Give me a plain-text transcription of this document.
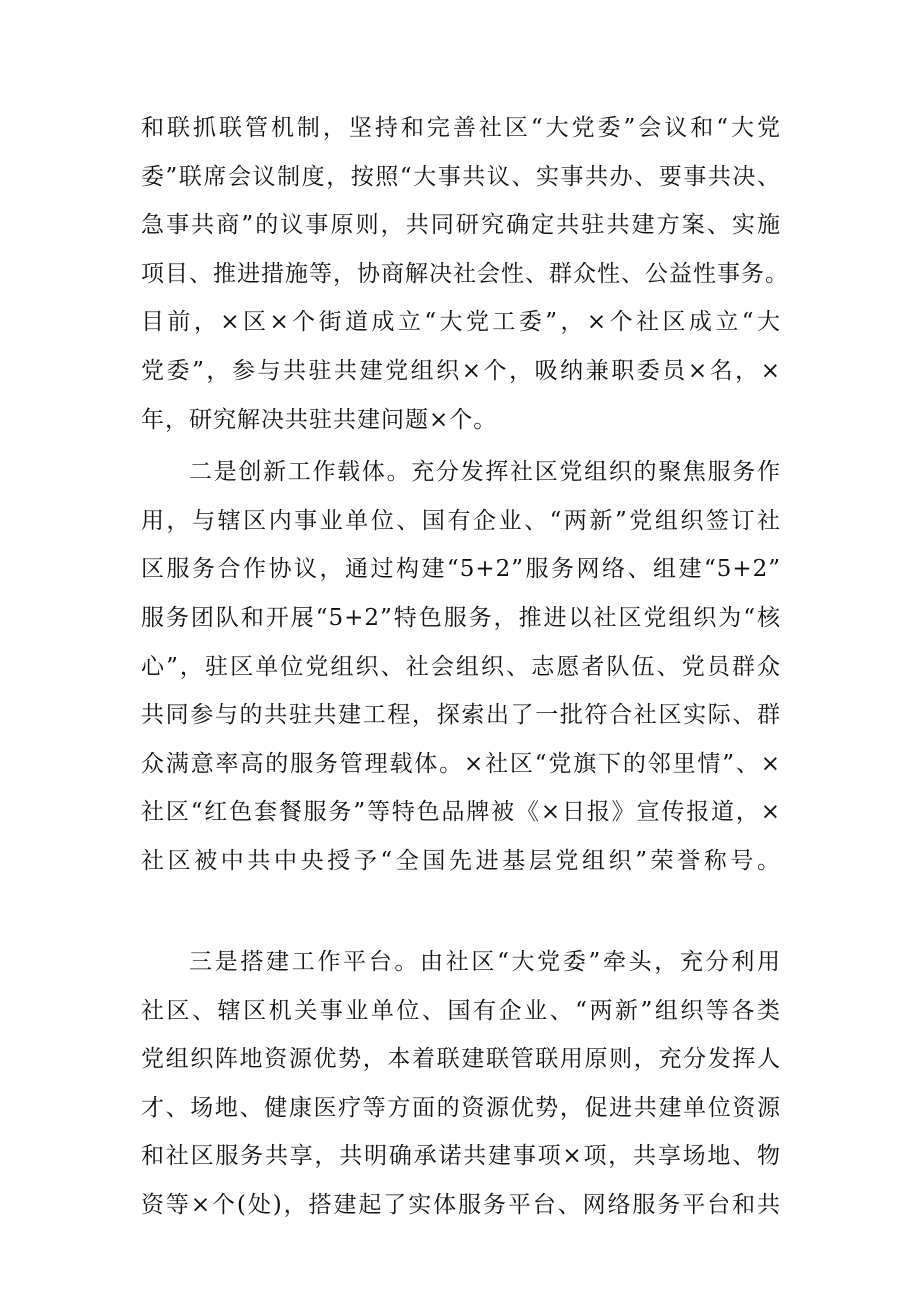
和联抓联管机制，坚持和完善社区“大党委”会议和“大党
委”联席会议制度，按照“大事共议、实事共办、要事共决、
急事共商”的议事原则，共同研究确定共驻共建方案、实施
项目、推进措施等，协商解决社会性、群众性、公益性事务。
目前，×区×个街道成立“大党工委”，×个社区成立“大
党委”，参与共驻共建党组织×个，吸纳兼职委员×名，×
年，研究解决共驻共建问题×个。
二是创新工作载体。充分发挥社区党组织的聚焦服务作
用，与辖区内事业单位、国有企业、“两新”党组织签订社
区服务合作协议，通过构建“5+2”服务网络、组建“5+2”
服务团队和开展“5+2”特色服务，推进以社区党组织为“核
心”，驻区单位党组织、社会组织、志愿者队伍、党员群众
共同参与的共驻共建工程，探索出了一批符合社区实际、群
众满意率高的服务管理载体。×社区“党旗下的邻里情”、×
社区“红色套餐服务”等特色品牌被《×日报》宣传报道，×
社区被中共中央授予“全国先进基层党组织”荣誉称号。
三是搭建工作平台。由社区“大党委”牵头，充分利用
社区、辖区机关事业单位、国有企业、“两新”组织等各类
党组织阵地资源优势，本着联建联管联用原则，充分发挥人
才、场地、健康医疗等方面的资源优势，促进共建单位资源
和社区服务共享，共明确承诺共建事项×项，共享场地、物
资等×个(处)，搭建起了实体服务平台、网络服务平台和共
